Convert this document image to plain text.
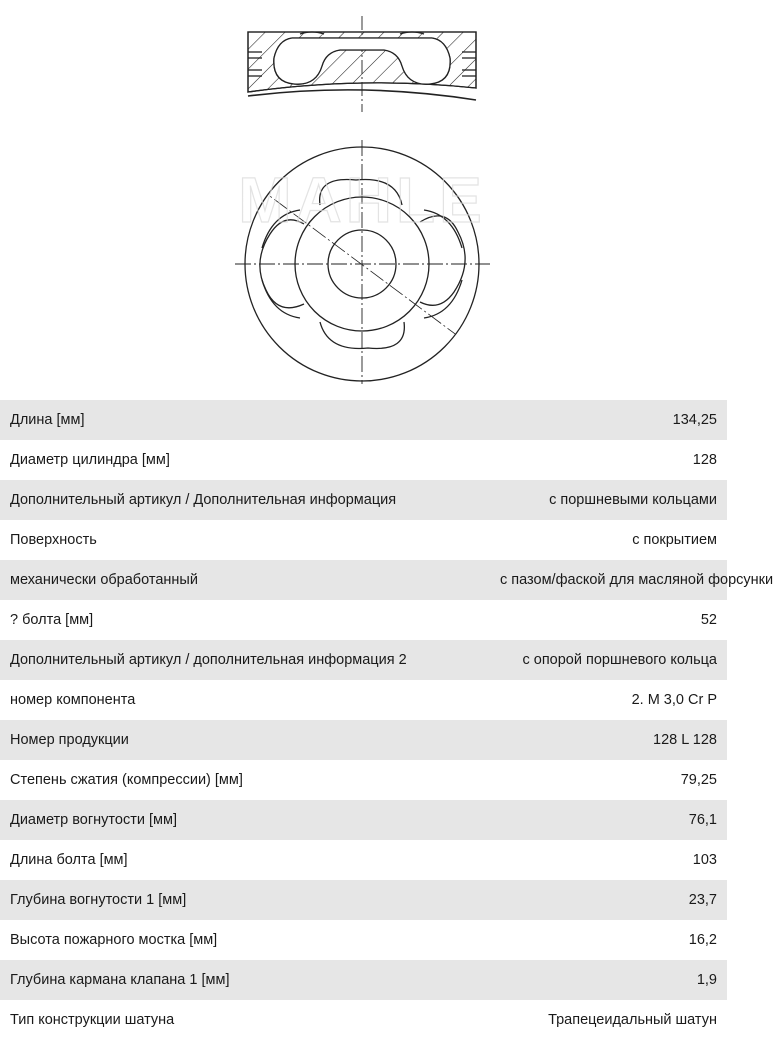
MAHLE
Длина [мм]	134,25
Диаметр цилиндра [мм]	128
Дополнительный артикул / Дополнительная информация	с поршневыми кольцами
Поверхность	с покрытием
механически обработанный	с пазом/фаской для масляной форсунки
? болта [мм]	52
Дополнительный артикул / дополнительная информация 2	с опорой поршневого кольца
номер компонента	2. M 3,0 Cr P
Номер продукции	128 L 128
Степень сжатия (компрессии) [мм]	79,25
Диаметр вогнутости [мм]	76,1
Длина болта [мм]	103
Глубина вогнутости 1 [мм]	23,7
Высота пожарного мостка [мм]	16,2
Глубина кармана клапана 1 [мм]	1,9
Тип конструкции шатуна	Трапецеидальный шатун
